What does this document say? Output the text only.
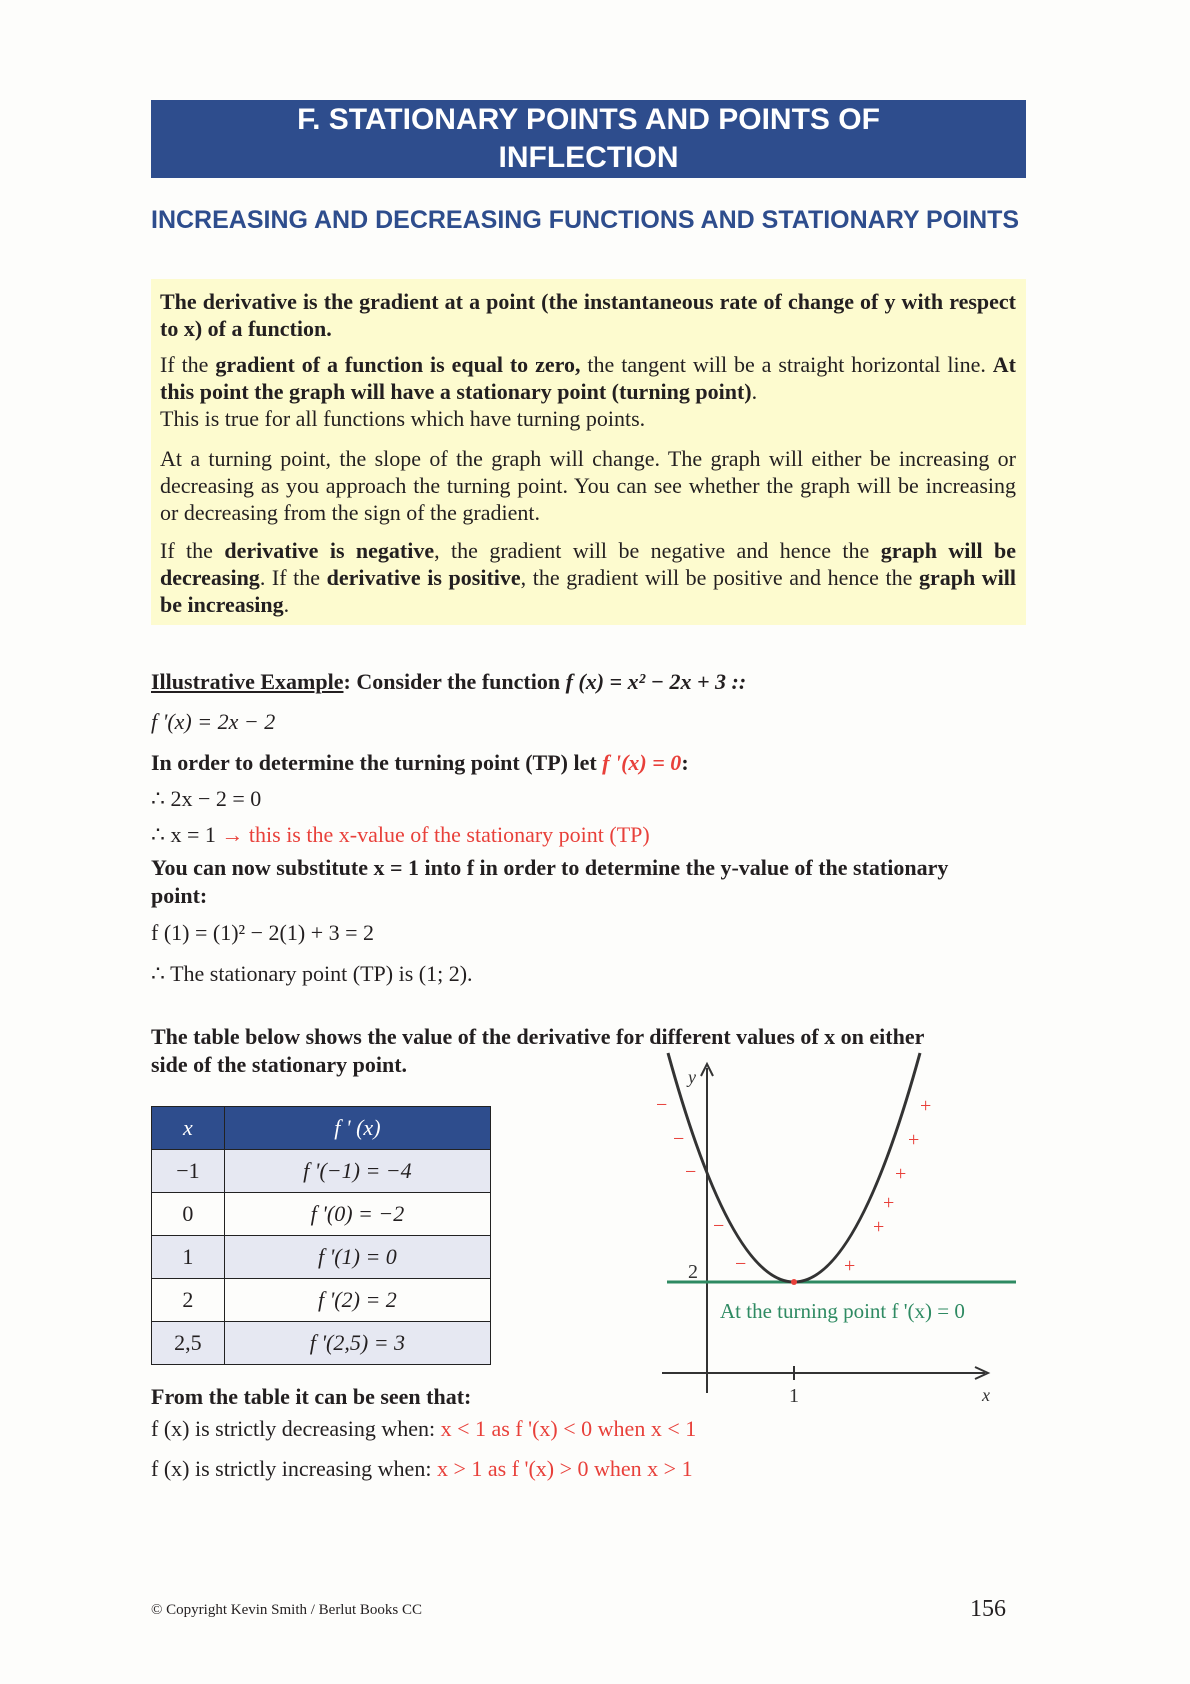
F. STATIONARY POINTS AND POINTS OF INFLECTION
INCREASING AND DECREASING FUNCTIONS AND STATIONARY POINTS
The derivative is the gradient at a point (the instantaneous rate of change of y with respect to x) of a function.
If the gradient of a function is equal to zero, the tangent will be a straight horizontal line. At this point the graph will have a stationary point (turning point).
This is true for all functions which have turning points.
At a turning point, the slope of the graph will change. The graph will either be increasing or decreasing as you approach the turning point. You can see whether the graph will be increasing or decreasing from the sign of the gradient.
If the derivative is negative, the gradient will be negative and hence the graph will be decreasing. If the derivative is positive, the gradient will be positive and hence the graph will be increasing.
Illustrative Example: Consider the function f (x) = x² − 2x + 3 ::
f '(x) = 2x − 2
In order to determine the turning point (TP) let f '(x) = 0:
∴ 2x − 2 = 0
∴ x = 1 → this is the x-value of the stationary point (TP)
You can now substitute x = 1 into f in order to determine the y-value of the stationary
point:
f (1) = (1)² − 2(1) + 3 = 2
∴ The stationary point (TP) is (1; 2).
The table below shows the value of the derivative for different values of x on either
side of the stationary point.
x	f ' (x)
−1	f '(−1) = −4
0	f '(0) = −2
1	f '(1) = 0
2	f '(2) = 2
2,5	f '(2,5) = 3
y
2
1	x
At the turning point f '(x) = 0
−
−
−
−
−
+
+
+
+
+
+
From the table it can be seen that:
f (x) is strictly decreasing when: x < 1 as f '(x) < 0 when x < 1
f (x) is strictly increasing when: x > 1 as f '(x) > 0 when x > 1
© Copyright Kevin Smith / Berlut Books CC	156
